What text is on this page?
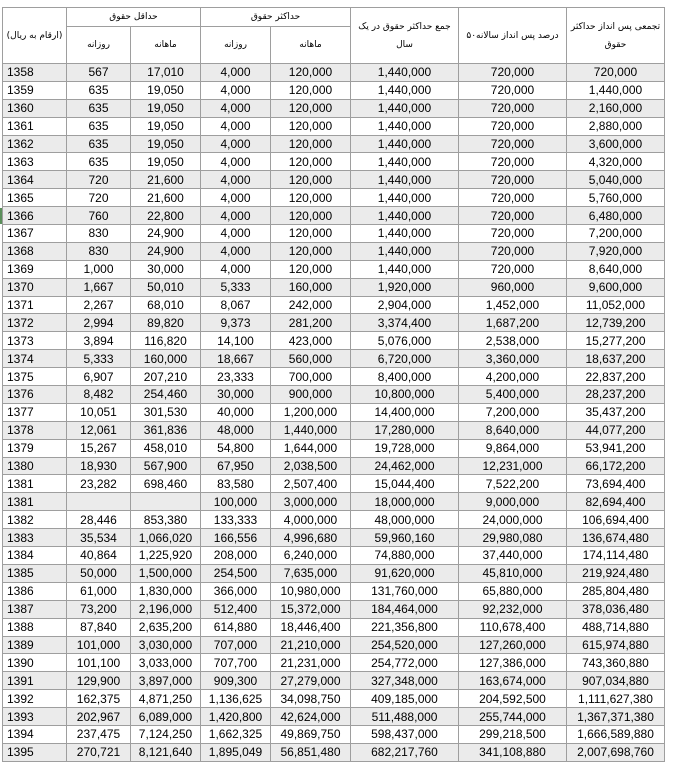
(ارقام به ریال)	حداقل حقوق		حداکثر حقوق		جمع حداکثر حقوق در یک سال	۵۰درصد پس انداز سالانه	تجمعی پس انداز حداکثر حقوق
	روزانه	ماهانه	روزانه	ماهانه			
1358	567	17,010	4,000	120,000	1,440,000	720,000	720,000
1359	635	19,050	4,000	120,000	1,440,000	720,000	1,440,000
1360	635	19,050	4,000	120,000	1,440,000	720,000	2,160,000
1361	635	19,050	4,000	120,000	1,440,000	720,000	2,880,000
1362	635	19,050	4,000	120,000	1,440,000	720,000	3,600,000
1363	635	19,050	4,000	120,000	1,440,000	720,000	4,320,000
1364	720	21,600	4,000	120,000	1,440,000	720,000	5,040,000
1365	720	21,600	4,000	120,000	1,440,000	720,000	5,760,000
1366	760	22,800	4,000	120,000	1,440,000	720,000	6,480,000
1367	830	24,900	4,000	120,000	1,440,000	720,000	7,200,000
1368	830	24,900	4,000	120,000	1,440,000	720,000	7,920,000
1369	1,000	30,000	4,000	120,000	1,440,000	720,000	8,640,000
1370	1,667	50,010	5,333	160,000	1,920,000	960,000	9,600,000
1371	2,267	68,010	8,067	242,000	2,904,000	1,452,000	11,052,000
1372	2,994	89,820	9,373	281,200	3,374,400	1,687,200	12,739,200
1373	3,894	116,820	14,100	423,000	5,076,000	2,538,000	15,277,200
1374	5,333	160,000	18,667	560,000	6,720,000	3,360,000	18,637,200
1375	6,907	207,210	23,333	700,000	8,400,000	4,200,000	22,837,200
1376	8,482	254,460	30,000	900,000	10,800,000	5,400,000	28,237,200
1377	10,051	301,530	40,000	1,200,000	14,400,000	7,200,000	35,437,200
1378	12,061	361,836	48,000	1,440,000	17,280,000	8,640,000	44,077,200
1379	15,267	458,010	54,800	1,644,000	19,728,000	9,864,000	53,941,200
1380	18,930	567,900	67,950	2,038,500	24,462,000	12,231,000	66,172,200
1381	23,282	698,460	83,580	2,507,400	15,044,400	7,522,200	73,694,400
1381			100,000	3,000,000	18,000,000	9,000,000	82,694,400
1382	28,446	853,380	133,333	4,000,000	48,000,000	24,000,000	106,694,400
1383	35,534	1,066,020	166,556	4,996,680	59,960,160	29,980,080	136,674,480
1384	40,864	1,225,920	208,000	6,240,000	74,880,000	37,440,000	174,114,480
1385	50,000	1,500,000	254,500	7,635,000	91,620,000	45,810,000	219,924,480
1386	61,000	1,830,000	366,000	10,980,000	131,760,000	65,880,000	285,804,480
1387	73,200	2,196,000	512,400	15,372,000	184,464,000	92,232,000	378,036,480
1388	87,840	2,635,200	614,880	18,446,400	221,356,800	110,678,400	488,714,880
1389	101,000	3,030,000	707,000	21,210,000	254,520,000	127,260,000	615,974,880
1390	101,100	3,033,000	707,700	21,231,000	254,772,000	127,386,000	743,360,880
1391	129,900	3,897,000	909,300	27,279,000	327,348,000	163,674,000	907,034,880
1392	162,375	4,871,250	1,136,625	34,098,750	409,185,000	204,592,500	1,111,627,380
1393	202,967	6,089,000	1,420,800	42,624,000	511,488,000	255,744,000	1,367,371,380
1394	237,475	7,124,250	1,662,325	49,869,750	598,437,000	299,218,500	1,666,589,880
1395	270,721	8,121,640	1,895,049	56,851,480	682,217,760	341,108,880	2,007,698,760
